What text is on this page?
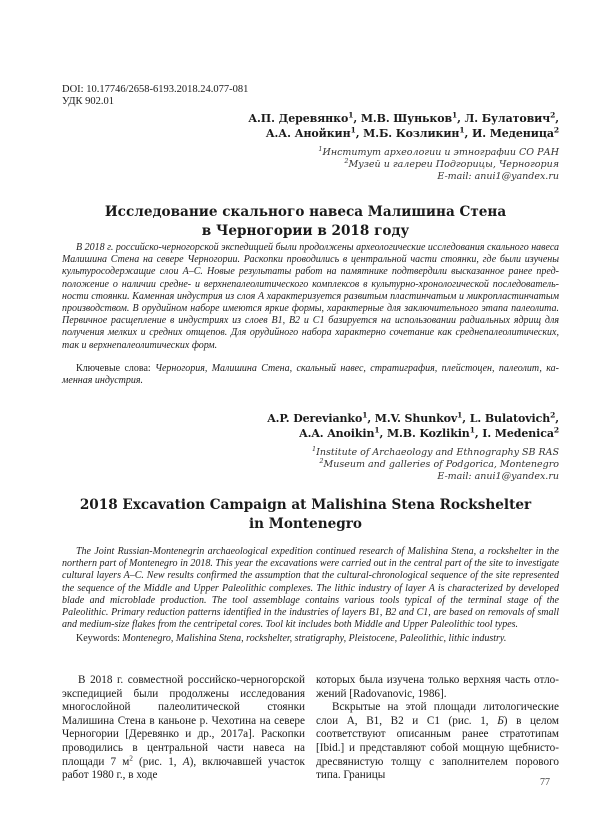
DOI: 10.17746/2658-6193.2018.24.077-081
УДК 902.01
А.П. Деревянко$^1$, М.В. Шуньков$^1$, Л. Булатович$^2$,
А.А. Анойкин$^1$, М.Б. Козликин$^1$, И. Меденица$^2$
$^1$Институт археологии и этнографии СО РАН
$^2$Музей и галереи Подгорицы, Черногория
E-mail: anui1@yandex.ru
Исследование скального навеса Малишина Стена
в Черногории в 2018 году

В 2018 г. российско-черногорской экспедицией были продолжены археологические исследования скального навеса Малишина Стена на севере Черногории. Раскопки проводились в центральной части стоянки, где были изучены культуросодержащие слои А–С. Новые результаты работ на памятнике подтвердили высказанное ранее предположение о наличии средне- и верхнепалеолитического комплексов в культурно-хронологической последовательности стоянки. Каменная индустрия из слоя А характеризуется развитым пластинчатым и микропластинчатым производством. В орудийном наборе имеются яркие формы, характерные для заключительного этапа палеолита. Первичное расщепление в индустриях из слоев B1, B2 и C1 базируется на использовании радиальных ядрищ для получения мелких и средних отщепов. Для орудийного набора характерно сочетание как среднепалеолитических, так и верхнепалеолитических форм.

Ключевые слова: Черногория, Малишина Стена, скальный навес, стратиграфия, плейстоцен, палеолит, каменная индустрия.
A.P. Derevianko$^1$, M.V. Shunkov$^1$, L. Bulatovich$^2$,
A.A. Anoikin$^1$, M.B. Kozlikin$^1$, I. Medenica$^2$
$^1$Institute of Archaeology and Ethnography SB RAS
$^2$Museum and galleries of Podgorica, Montenegro
E-mail: anui1@yandex.ru
2018 Excavation Campaign at Malishina Stena Rockshelter
in Montenegro

The Joint Russian-Montenegrin archaeological expedition continued research of Malishina Stena, a rockshelter in the northern part of Montenegro in 2018. This year the excavations were carried out in the central part of the site to investigate cultural layers A–C. New results confirmed the assumption that the cultural-chronological sequence of the site represented the sequence of the Middle and Upper Paleolithic complexes. The lithic industry of layer A is characterized by developed blade and microblade production. The tool assemblage contains various tools typical of the terminal stage of the Paleolithic. Primary reduction patterns identified in the industries of layers B1, B2 and C1, are based on removals of small and medium-size flakes from the centripetal cores. Tool kit includes both Middle and Upper Paleolithic tool types.

Keywords: Montenegro, Malishina Stena, rockshelter, stratigraphy, Pleistocene, Paleolithic, lithic industry.

В 2018 г. совместной российско-черногорской экспедицией были продолжены исследования многослойной палеолитической стоянки Малишина Стена в каньоне р. Чехотина на севере Черногории [Деревянко и др., 2017а]. Раскопки проводились в центральной части навеса на площади 7 $м^2$ (рис. 1, А), включавшей участок работ 1980 г., в ходе

которых была изучена только верхняя часть отложений [Radovanovic, 1986].

Вскрытые на этой площади литологические слои A, B1, B2 и C1 (рис. 1, Б) в целом соответствуют описанным ранее стратотипам [Ibid.] и представляют собой мощную щебнисто-дресвянистую толщу с заполнителем порового типа. Границы

77
